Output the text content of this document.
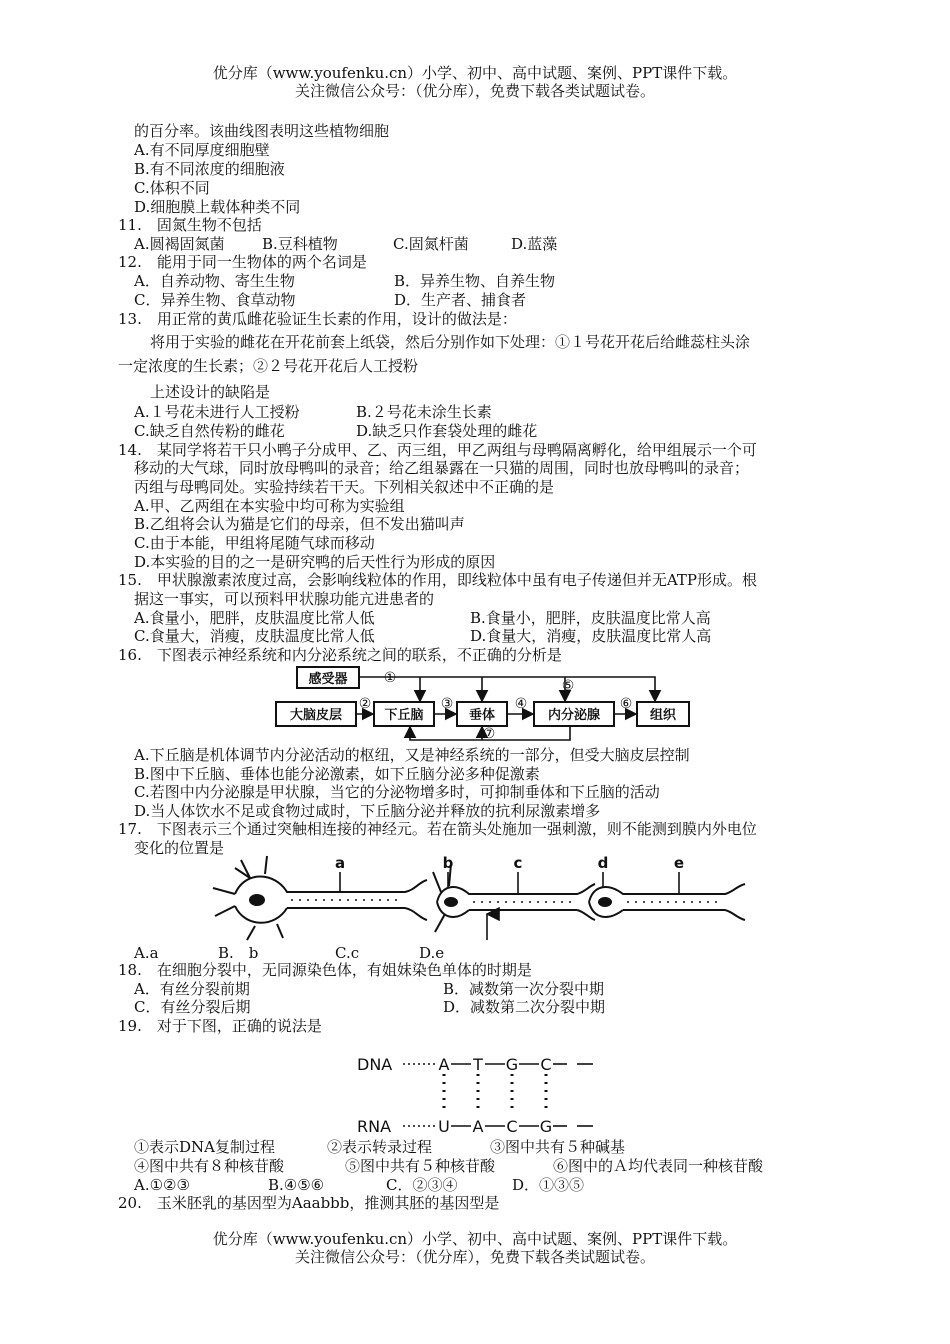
优分库（www.youfenku.cn）小学、初中、高中试题、案例、PPT课件下载。
关注微信公众号：（优分库），免费下载各类试题试卷。
的百分率。该曲线图表明这些植物细胞
A.有不同厚度细胞壁
B.有不同浓度的细胞液
C.体积不同
D.细胞膜上载体种类不同
11.　固氮生物不包括
A.圆褐固氮菌 B.豆科植物	C.固氮杆菌	D.蓝藻
12.　能用于同一生物体的两个名词是
A．自养动物、寄生生物	B．异养生物、自养生物
C．异养生物、食草动物	D．生产者、捕食者
13.　用正常的黄瓜雌花验证生长素的作用，设计的做法是：
将用于实验的雌花在开花前套上纸袋，然后分别作如下处理：①１号花开花后给雌蕊柱头涂
一定浓度的生长素；②２号花开花后人工授粉
上述设计的缺陷是
A.１号花未进行人工授粉	B.２号花未涂生长素
C.缺乏自然传粉的雌花	D.缺乏只作套袋处理的雌花
14.　某同学将若干只小鸭子分成甲、乙、丙三组，甲乙两组与母鸭隔离孵化，给甲组展示一个可
移动的大气球，同时放母鸭叫的录音；给乙组暴露在一只猫的周围，同时也放母鸭叫的录音；
丙组与母鸭同处。实验持续若干天。下列相关叙述中不正确的是
A.甲、乙两组在本实验中均可称为实验组
B.乙组将会认为猫是它们的母亲，但不发出猫叫声
C.由于本能，甲组将尾随气球而移动
D.本实验的目的之一是研究鸭的后天性行为形成的原因
15.　甲状腺激素浓度过高，会影响线粒体的作用，即线粒体中虽有电子传递但并无ATP形成。根
据这一事实，可以预料甲状腺功能亢进患者的
A.食量小，肥胖，皮肤温度比常人低	B.食量小，肥胖，皮肤温度比常人高
C.食量大，消瘦，皮肤温度比常人低	D.食量大，消瘦，皮肤温度比常人高
16.　下图表示神经系统和内分泌系统之间的联系，不正确的分析是
感受器
大脑皮层	下丘脑	垂体	内分泌腺	组织
①
②	③	④
⑤
⑥
⑦
A.下丘脑是机体调节内分泌活动的枢纽，又是神经系统的一部分，但受大脑皮层控制
B.图中下丘脑、垂体也能分泌激素，如下丘脑分泌多种促激素
C.若图中内分泌腺是甲状腺，当它的分泌物增多时，可抑制垂体和下丘脑的活动
D.当人体饮水不足或食物过咸时，下丘脑分泌并释放的抗利尿激素增多
17.　下图表示三个通过突触相连接的神经元。若在箭头处施加一强刺激，则不能测到膜内外电位
变化的位置是
a	b	c	d	e
A.a	B.　b	C.c	D.e
18.　在细胞分裂中，无同源染色体，有姐妹染色单体的时期是
A．有丝分裂前期	B．减数第一次分裂中期
C．有丝分裂后期	D．减数第二次分裂中期
19.　对于下图，正确的说法是
DNA
RNA
A T G C
U A C G
①表示DNA复制过程	②表示转录过程	③图中共有５种碱基
④图中共有８种核苷酸	⑤图中共有５种核苷酸	⑥图中的Ａ均代表同一种核苷酸
A.①②③	B.④⑤⑥	C．②③④	D．①③⑤
20.　玉米胚乳的基因型为Aaabbb，推测其胚的基因型是
优分库（www.youfenku.cn）小学、初中、高中试题、案例、PPT课件下载。
关注微信公众号：（优分库），免费下载各类试题试卷。
